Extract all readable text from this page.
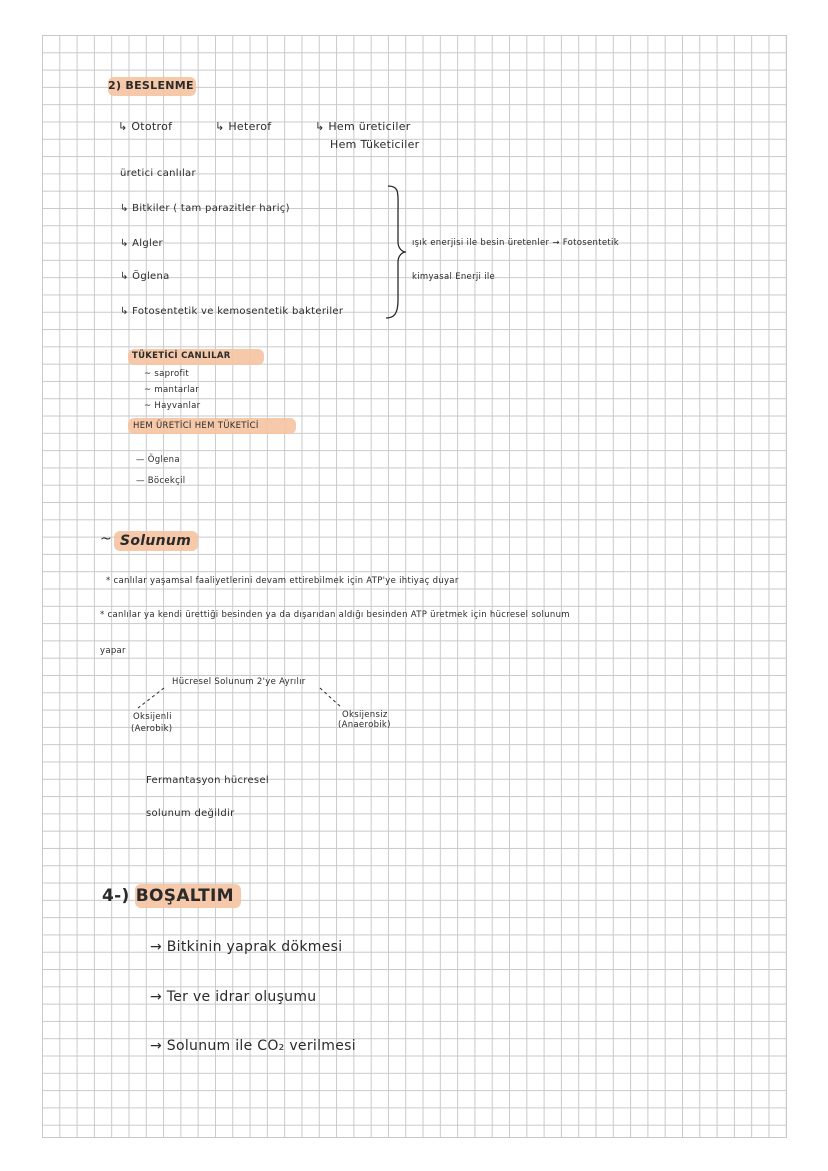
2) BESLENME
↳ Ototrof	↳ Heterof	↳ Hem üreticiler
Hem Tüketiciler
üretici canlılar
↳ Bitkiler ( tam parazitler hariç)
↳ Algler
↳ Öglena
↳ Fotosentetik ve kemosentetik bakteriler
ışık enerjisi ile besin üretenler → Fotosentetik
kimyasal Enerji ile
TÜKETİCİ CANLILAR
~ saprofit
~ mantarlar
~ Hayvanlar
HEM ÜRETİCİ HEM TÜKETİCİ
— Öglena
— Böcekçil
~ Solunum
* canlılar yaşamsal faaliyetlerini devam ettirebilmek için ATP'ye ihtiyaç duyar
* canlılar ya kendi ürettiği besinden ya da dışarıdan aldığı besinden ATP üretmek için hücresel solunum
yapar
Hücresel Solunum 2'ye Ayrılır
Oksijenli
(Aerobik)
Oksijensiz
(Anaerobik)
Fermantasyon hücresel
solunum değildir
4-) BOŞALTIM
→ Bitkinin yaprak dökmesi
→ Ter ve idrar oluşumu
→ Solunum ile CO₂ verilmesi
